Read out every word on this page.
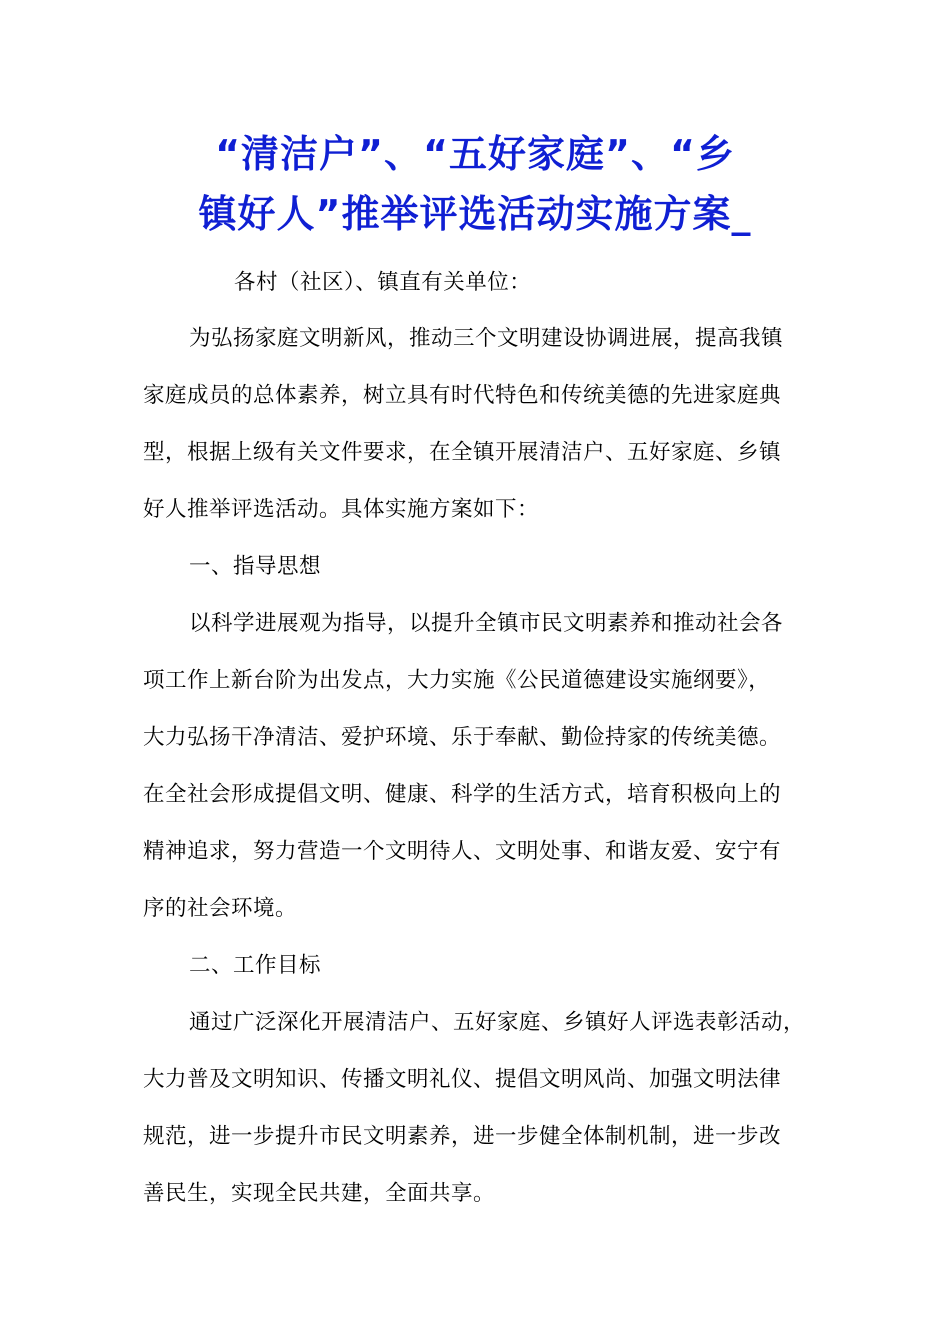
“清洁户”、“五好家庭”、“乡
镇好人”推举评选活动实施方案_
各村（社区）、镇直有关单位：
为弘扬家庭文明新风，推动三个文明建设协调进展，提高我镇
家庭成员的总体素养，树立具有时代特色和传统美德的先进家庭典
型，根据上级有关文件要求，在全镇开展清洁户、五好家庭、乡镇
好人推举评选活动。具体实施方案如下：
一、指导思想
以科学进展观为指导，以提升全镇市民文明素养和推动社会各
项工作上新台阶为出发点，大力实施《公民道德建设实施纲要》，
大力弘扬干净清洁、爱护环境、乐于奉献、勤俭持家的传统美德。
在全社会形成提倡文明、健康、科学的生活方式，培育积极向上的
精神追求，努力营造一个文明待人、文明处事、和谐友爱、安宁有
序的社会环境。
二、工作目标
通过广泛深化开展清洁户、五好家庭、乡镇好人评选表彰活动，
大力普及文明知识、传播文明礼仪、提倡文明风尚、加强文明法律
规范，进一步提升市民文明素养，进一步健全体制机制，进一步改
善民生，实现全民共建，全面共享。
